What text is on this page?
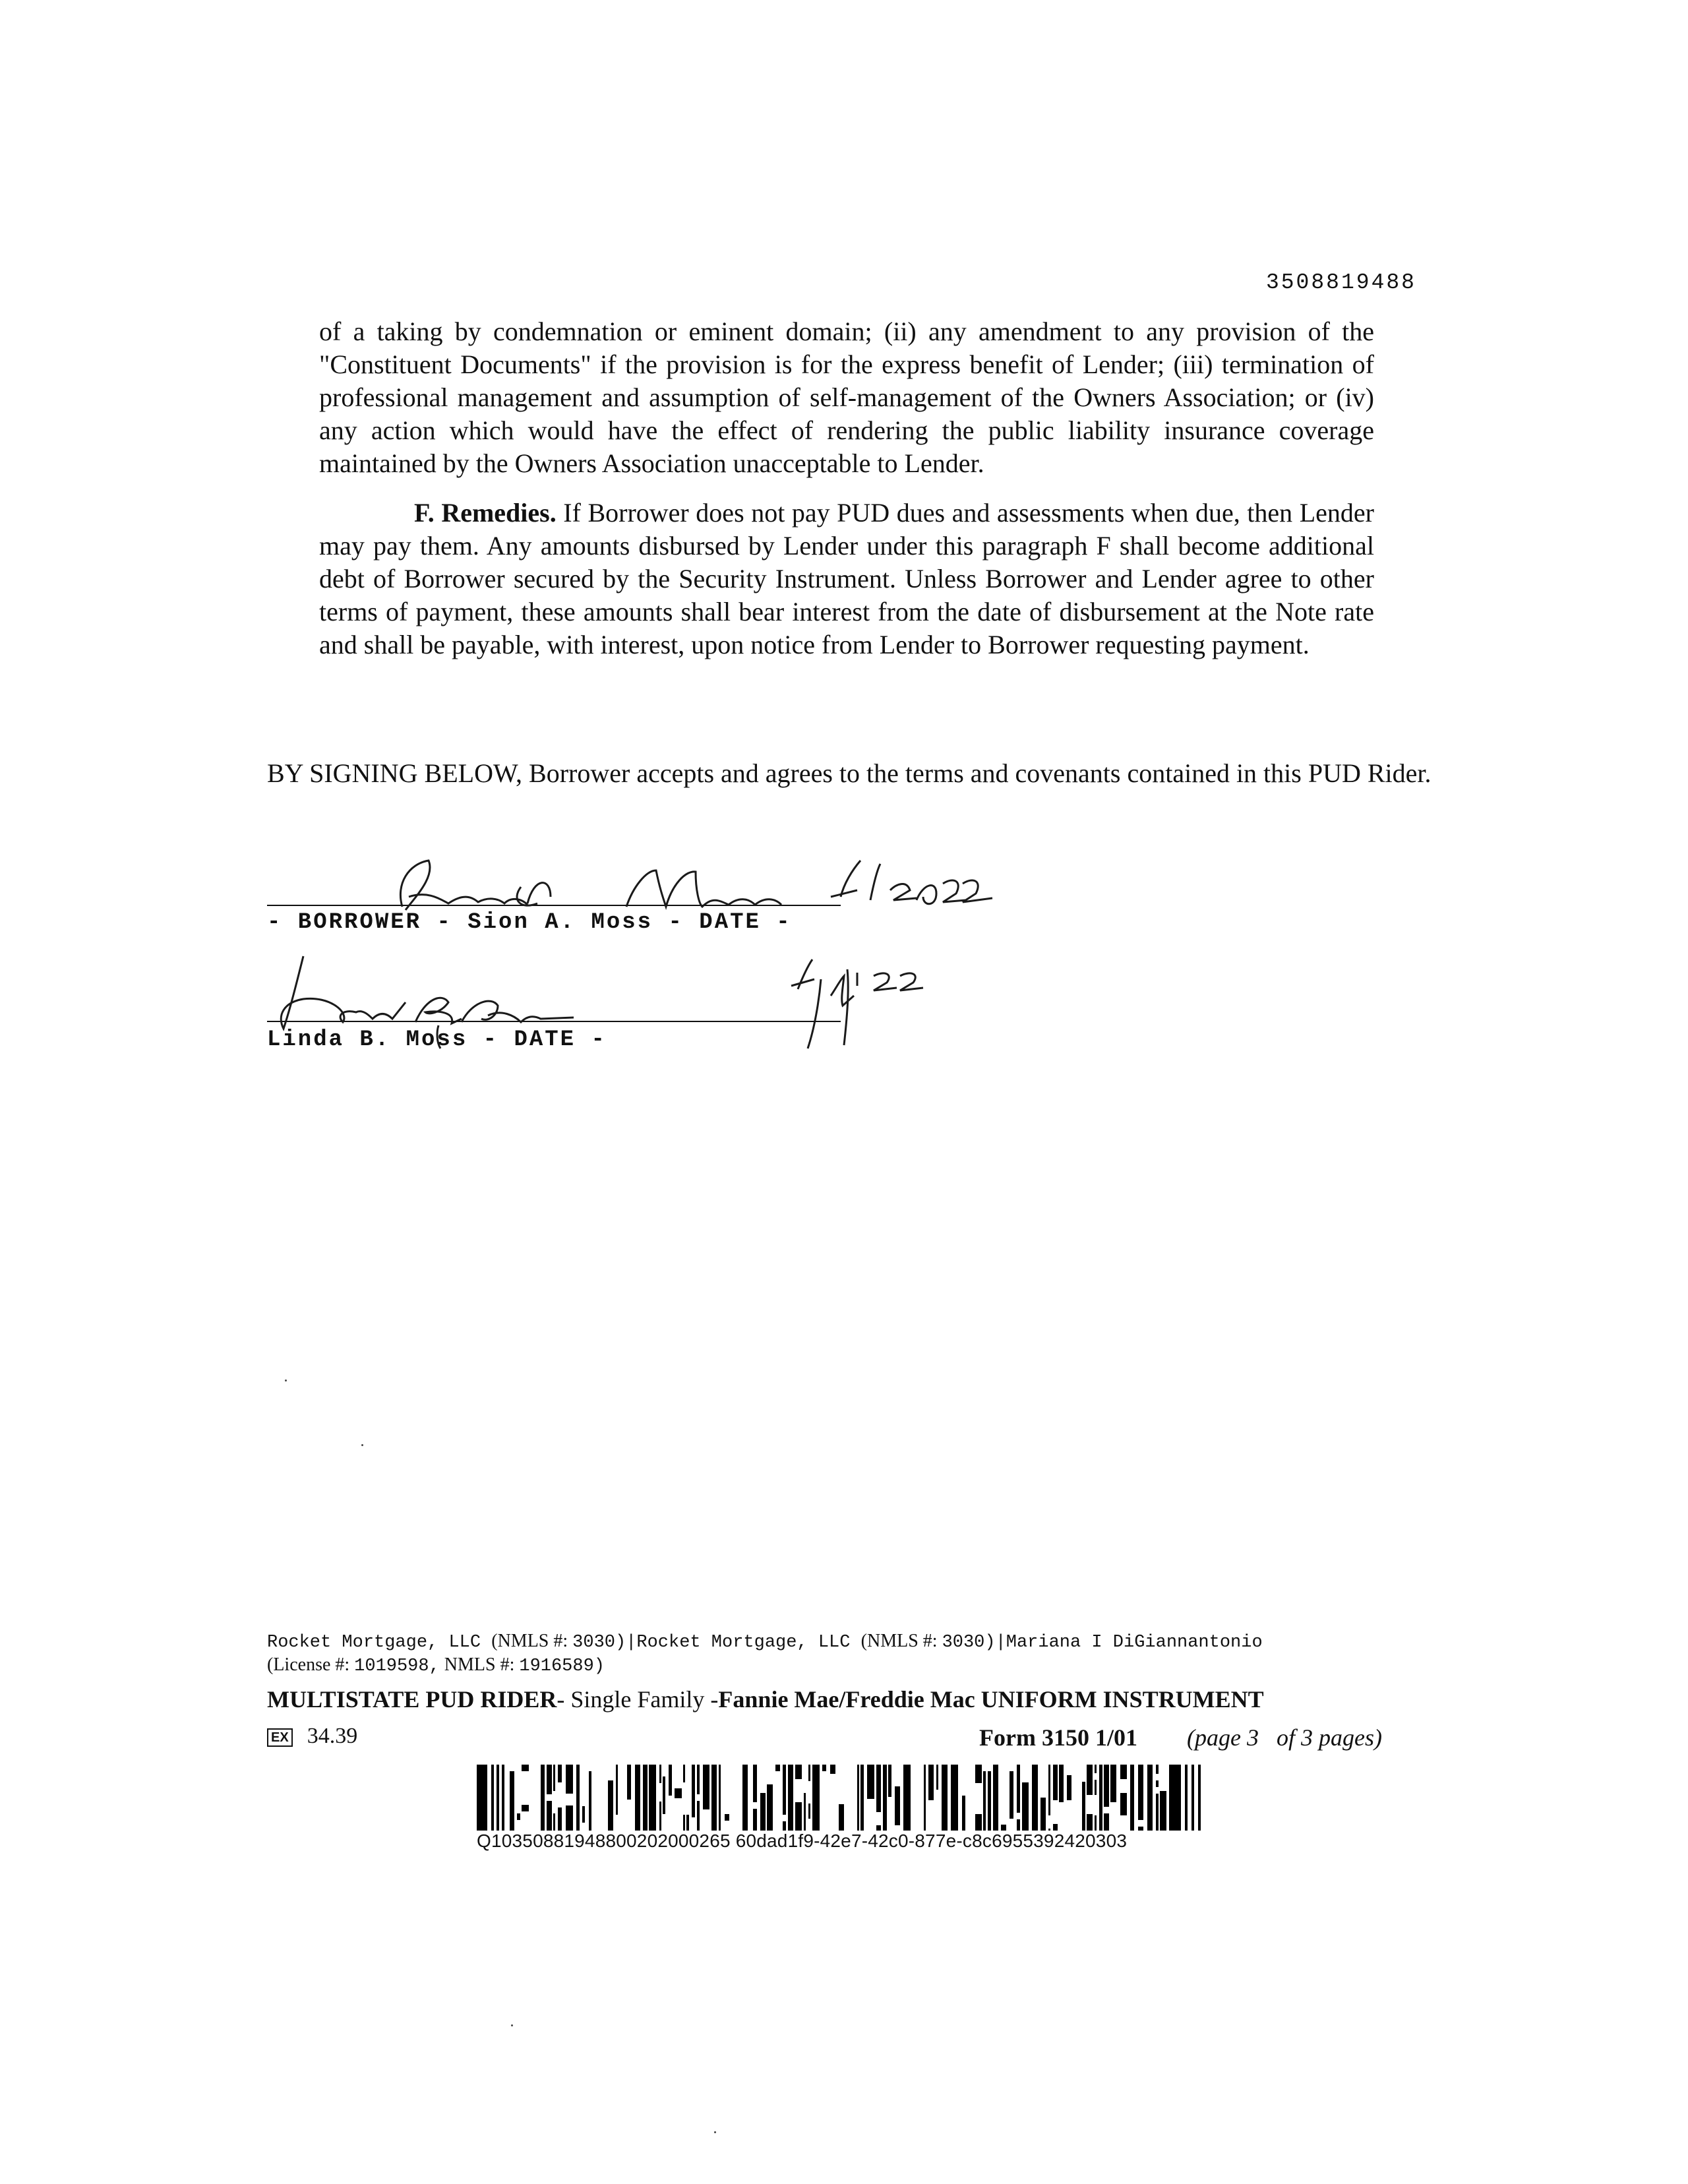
3508819488
of a taking by condemnation or eminent domain; (ii) any amendment to any provision of the "Constituent Documents" if the provision is for the express benefit of Lender; (iii) termination of professional management and assumption of self-management of the Owners Association; or (iv) any action which would have the effect of rendering the public liability insurance coverage maintained by the Owners Association unacceptable to Lender.
F. Remedies. If Borrower does not pay PUD dues and assessments when due, then Lender may pay them. Any amounts disbursed by Lender under this paragraph F shall become additional debt of Borrower secured by the Security Instrument. Unless Borrower and Lender agree to other terms of payment, these amounts shall bear interest from the date of disbursement at the Note rate and shall be payable, with interest, upon notice from Lender to Borrower requesting payment.
BY SIGNING BELOW, Borrower accepts and agrees to the terms and covenants contained in this PUD Rider.
- BORROWER - Sion A. Moss - DATE -
Linda B. Moss - DATE -
Rocket Mortgage, LLC (NMLS #: 3030)|Rocket Mortgage, LLC (NMLS #: 3030)|Mariana I DiGiannantonio
(License #: 1019598, NMLS #: 1916589)
MULTISTATE PUD RIDER- Single Family -Fannie Mae/Freddie Mac UNIFORM INSTRUMENT
EX 34.39	Form 3150 1/01 (page 3   of 3 pages)
Q10350881948800202000265 60dad1f9-42e7-42c0-877e-c8c6955392420303
